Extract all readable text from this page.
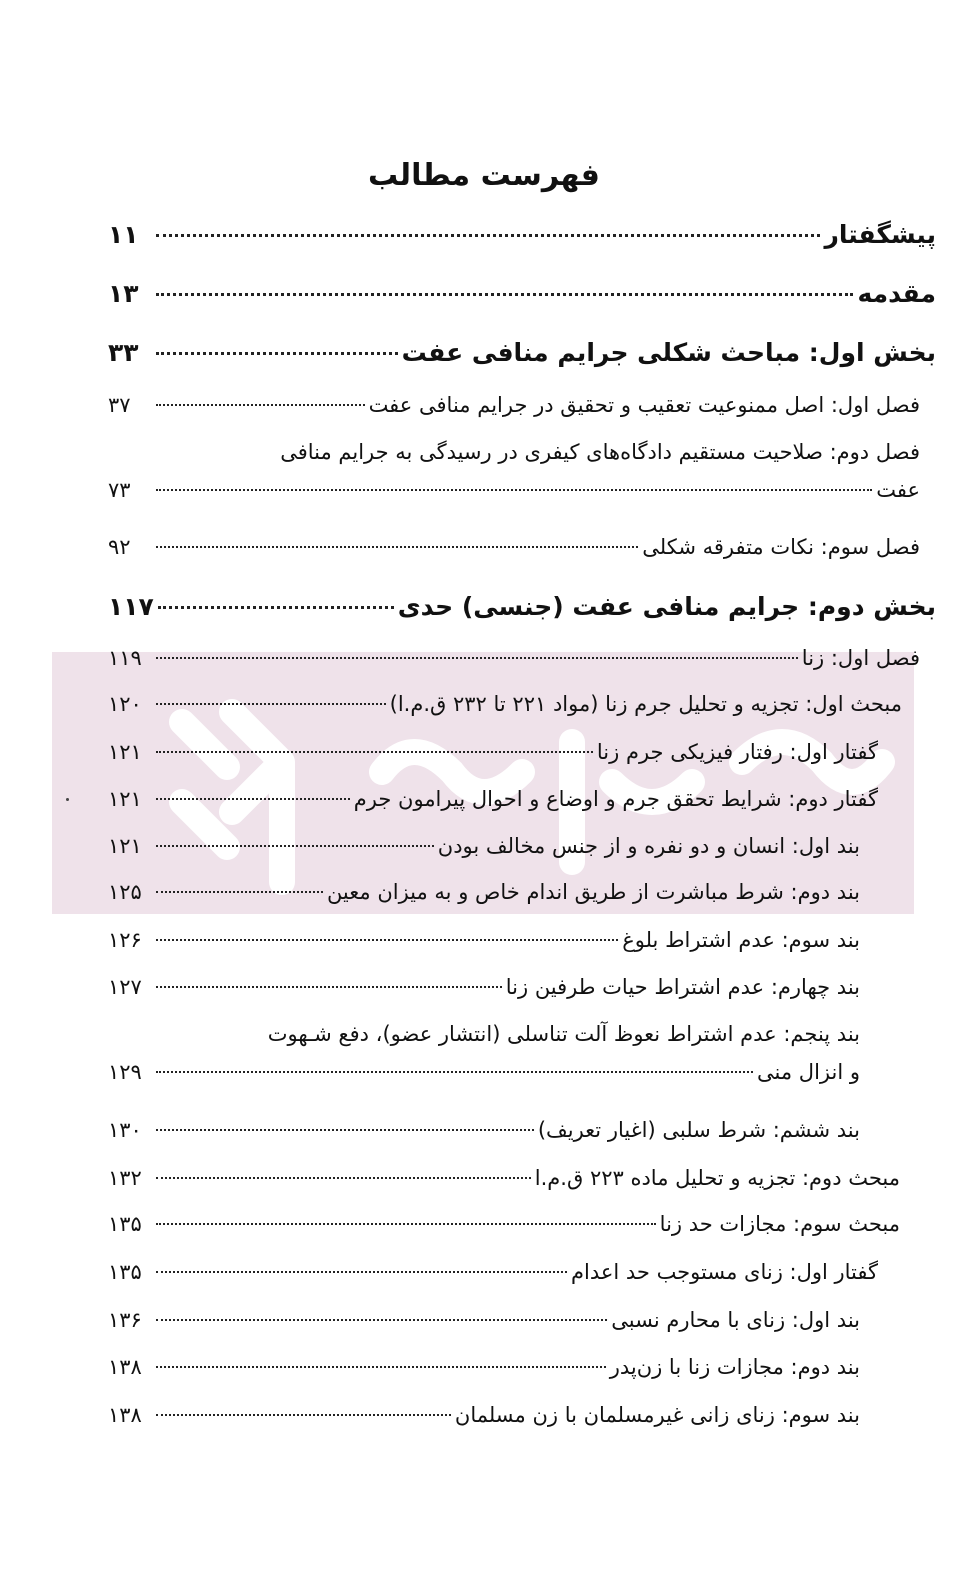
فهرست مطالب
پیشگفتار
۱۱
مقدمه
۱۳
بخش اول: مباحث شکلی جرایم منافی عفت
۳۳
فصل اول: اصل ممنوعیت تعقیب و تحقیق در جرایم منافی عفت
۳۷
فصل دوم: صلاحیت مستقیم دادگاه‌های کیفری در رسیدگی به جرایم منافی
عفت
۷۳
فصل سوم: نکات متفرقه شکلی
۹۲
بخش دوم: جرایم منافی عفت (جنسی) حدی
۱۱۷
فصل اول: زنا
۱۱۹
مبحث اول: تجزیه و تحلیل جرم زنا (مواد ۲۲۱ تا ۲۳۲ ق.م.ا)
۱۲۰
گفتار اول: رفتار فیزیکی جرم زنا
۱۲۱
گفتار دوم: شرایط تحقق جرم و اوضاع و احوال پیرامون جرم
۱۲۱
بند اول: انسان و دو نفره و از جنس مخالف بودن
۱۲۱
بند دوم: شرط مباشرت از طریق اندام خاص و به میزان معین
۱۲۵
بند سوم: عدم اشتراط بلوغ
۱۲۶
بند چهارم: عدم اشتراط حیات طرفین زنا
۱۲۷
بند پنجم: عدم اشتراط نعوظ آلت تناسلی (انتشار عضو)، دفع شـهوت
و انزال منی
۱۲۹
بند ششم: شرط سلبی (اغیار تعریف)
۱۳۰
مبحث دوم: تجزیه و تحلیل ماده ۲۲۳ ق.م.ا
۱۳۲
مبحث سوم: مجازات حد زنا
۱۳۵
گفتار اول: زنای مستوجب حد اعدام
۱۳۵
بند اول: زنای با محارم نسبی
۱۳۶
بند دوم: مجازات زنا با زن‌پدر
۱۳۸
بند سوم: زنای زانی غیرمسلمان با زن مسلمان
۱۳۸
